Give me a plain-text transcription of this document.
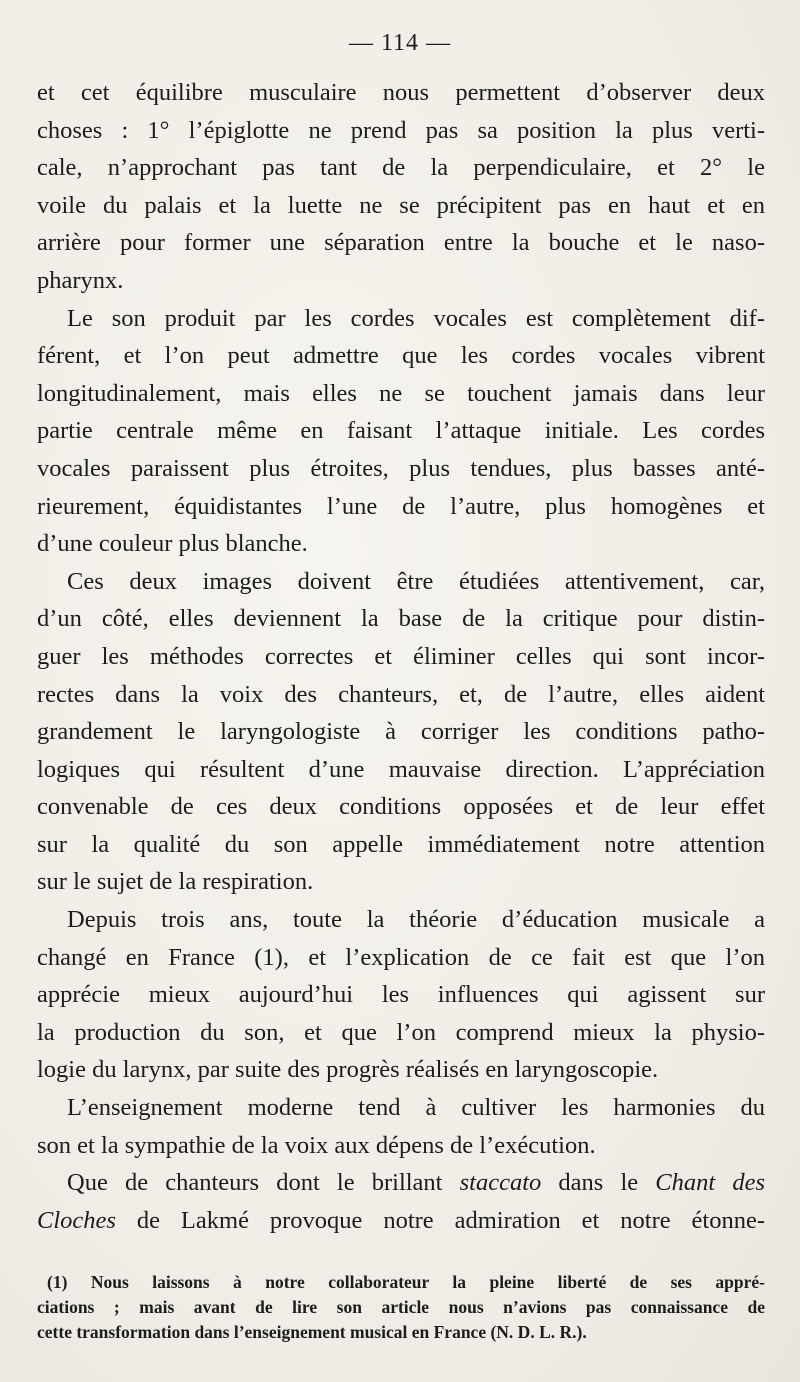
— 114 —
et cet équilibre musculaire nous permettent d’observer deux
choses : 1° l’épiglotte ne prend pas sa position la plus verti-
cale, n’approchant pas tant de la perpendiculaire, et 2° le
voile du palais et la luette ne se précipitent pas en haut et en
arrière pour former une séparation entre la bouche et le naso-
pharynx.
Le son produit par les cordes vocales est complètement dif-
férent, et l’on peut admettre que les cordes vocales vibrent
longitudinalement, mais elles ne se touchent jamais dans leur
partie centrale même en faisant l’attaque initiale. Les cordes
vocales paraissent plus étroites, plus tendues, plus basses anté-
rieurement, équidistantes l’une de l’autre, plus homogènes et
d’une couleur plus blanche.
Ces deux images doivent être étudiées attentivement, car,
d’un côté, elles deviennent la base de la critique pour distin-
guer les méthodes correctes et éliminer celles qui sont incor-
rectes dans la voix des chanteurs, et, de l’autre, elles aident
grandement le laryngologiste à corriger les conditions patho-
logiques qui résultent d’une mauvaise direction. L’appréciation
convenable de ces deux conditions opposées et de leur effet
sur la qualité du son appelle immédiatement notre attention
sur le sujet de la respiration.
Depuis trois ans, toute la théorie d’éducation musicale a
changé en France (1), et l’explication de ce fait est que l’on
apprécie mieux aujourd’hui les influences qui agissent sur
la production du son, et que l’on comprend mieux la physio-
logie du larynx, par suite des progrès réalisés en laryngoscopie.
L’enseignement moderne tend à cultiver les harmonies du
son et la sympathie de la voix aux dépens de l’exécution.
Que de chanteurs dont le brillant staccato dans le Chant des
Cloches de Lakmé provoque notre admiration et notre étonne-
(1) Nous laissons à notre collaborateur la pleine liberté de ses appré-
ciations ; mais avant de lire son article nous n’avions pas connaissance de
cette transformation dans l’enseignement musical en France (N. D. L. R.).
